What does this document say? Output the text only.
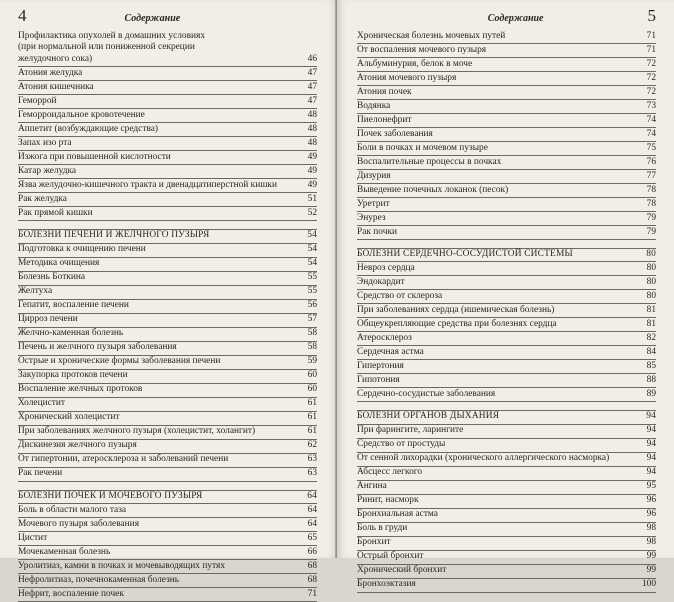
4	Содержание
Профилактика опухолей в домашних условиях
(при нормальной или пониженной секреции
желудочного сока)	46
Атония желудка	47
Атония кишечника	47
Геморрой	47
Геморроидальное кровотечение	48
Аппетит (возбуждающие средства)	48
Запах изо рта	48
Изжога при повышенной кислотности	49
Катар желудка	49
Язва желудочно-кишечного тракта и двенадцатиперстной кишки	49
Рак желудка	51
Рак прямой кишки	52
БОЛЕЗНИ ПЕЧЕНИ И ЖЕЛЧНОГО ПУЗЫРЯ	54
Подготовка к очищению печени	54
Методика очищения	54
Болезнь Боткина	55
Желтуха	55
Гепатит, воспаление печени	56
Цирроз печени	57
Желчно-каменная болезнь	58
Печень и желчного пузыря заболевания	58
Острые и хронические формы заболевания печени	59
Закупорка протоков печени	60
Воспаление желчных протоков	60
Холецистит	61
Хронический холецистит	61
При заболеваниях желчного пузыря (холецистит, холангит)	61
Дискинезия желчного пузыря	62
От гипертонии, атеросклероза и заболеваний печени	63
Рак печени	63
БОЛЕЗНИ ПОЧЕК И МОЧЕВОГО ПУЗЫРЯ	64
Боль в области малого таза	64
Мочевого пузыря заболевания	64
Цистит	65
Мочекаменная болезнь	66
Уролитиаз, камни в почках и мочевыводящих путях	68
Нефролитиаз, почечнокаменная болезнь	68
Нефрит, воспаление почек	71
Содержание	5
Хроническая болезнь мочевых путей	71
От воспаления мочевого пузыря	71
Альбуминурия, белок в моче	72
Атония мочевого пузыря	72
Атония почек	72
Водянка	73
Пиелонефрит	74
Почек заболевания	74
Боли в почках и мочевом пузыре	75
Воспалительные процессы в почках	76
Дизурия	77
Выведение почечных локанок (песок)	78
Уретрит	78
Энурез	79
Рак почки	79
БОЛЕЗНИ СЕРДЕЧНО-СОСУДИСТОЙ СИСТЕМЫ	80
Невроз сердца	80
Эндокардит	80
Средство от склероза	80
При заболеваниях сердца (ишемическая болезнь)	81
Общеукрепляющие средства при болезнях сердца	81
Атеросклероз	82
Сердечная астма	84
Гипертония	85
Гипотония	88
Сердечно-сосудистые заболевания	89
БОЛЕЗНИ ОРГАНОВ ДЫХАНИЯ	94
При фарингите, ларингите	94
Средство от простуды	94
От сенной лихорадки (хронического аллергического насморка)	94
Абсцесс легкого	94
Ангина	95
Ринит, насморк	96
Бронхиальная астма	96
Боль в груди	98
Бронхит	98
Острый бронхит	99
Хронический бронхит	99
Бронхоэктазия	100
